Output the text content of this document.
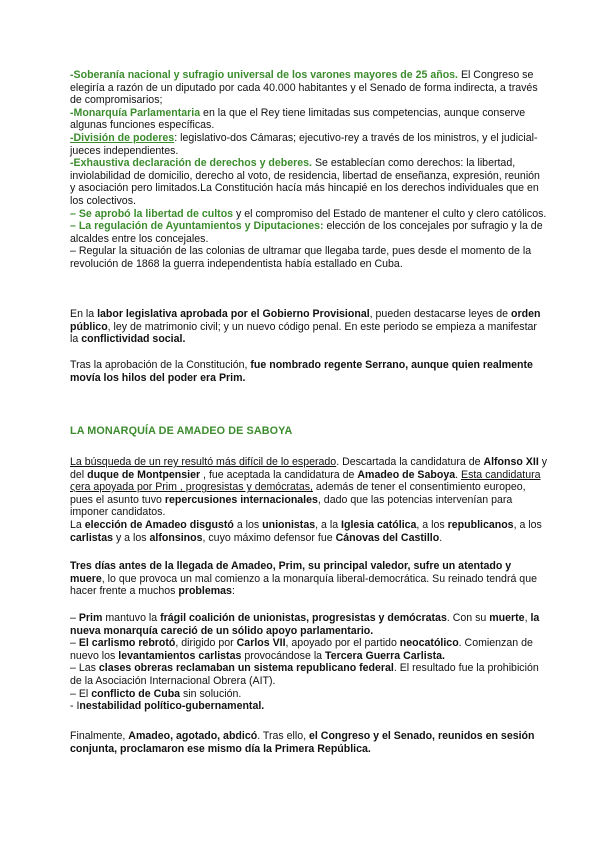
-Soberanía nacional y sufragio universal de los varones mayores de 25 años. El Congreso se elegiría a razón de un diputado por cada 40.000 habitantes y el Senado de forma indirecta, a través de compromisarios;

-Monarquía Parlamentaria en la que el Rey tiene limitadas sus competencias, aunque conserve algunas funciones específicas.

-División de poderes: legislativo-dos Cámaras; ejecutivo-rey a través de los ministros, y el judicial-jueces independientes.

-Exhaustiva declaración de derechos y deberes. Se establecían como derechos: la libertad, inviolabilidad de domicilio, derecho al voto, de residencia, libertad de enseñanza, expresión, reunión y asociación pero limitados.La Constitución hacía más hincapié en los derechos individuales que en los colectivos.

– Se aprobó la libertad de cultos y el compromiso del Estado de mantener el culto y clero católicos.

– La regulación de Ayuntamientos y Diputaciones: elección de los concejales por sufragio y la de alcaldes entre los concejales.

– Regular la situación de las colonias de ultramar que llegaba tarde, pues desde el momento de la revolución de 1868 la guerra independentista había estallado en Cuba.

En la labor legislativa aprobada por el Gobierno Provisional, pueden destacarse leyes de orden público, ley de matrimonio civil; y un nuevo código penal. En este periodo se empieza a manifestar la conflictividad social.

Tras la aprobación de la Constitución, fue nombrado regente Serrano, aunque quien realmente movía los hilos del poder era Prim.

LA MONARQUÍA DE AMADEO DE SABOYA

La búsqueda de un rey resultó más difícil de lo esperado. Descartada la candidatura de Alfonso XII y del duque de Montpensier , fue aceptada la candidatura de Amadeo de Saboya. Esta candidatura ςera apoyada por Prim , progresistas y demócratas, además de tener el consentimiento europeo, pues el asunto tuvo repercusiones internacionales, dado que las potencias intervenían para imponer candidatos.

La elección de Amadeo disgustó a los unionistas, a la Iglesia católica, a los republicanos, a los carlistas y a los alfonsinos, cuyo máximo defensor fue Cánovas del Castillo.

Tres días antes de la llegada de Amadeo, Prim, su principal valedor, sufre un atentado y muere, lo que provoca un mal comienzo a la monarquía liberal-democrática. Su reinado tendrá que hacer frente a muchos problemas:

– Prim mantuvo la frágil coalición de unionistas, progresistas y demócratas. Con su muerte, la nueva monarquía careció de un sólido apoyo parlamentario.

– El carlismo rebrotó, dirigido por Carlos VII, apoyado por el partido neocatólico. Comienzan de nuevo los levantamientos carlistas provocándose la Tercera Guerra Carlista.

– Las clases obreras reclamaban un sistema republicano federal. El resultado fue la prohibición de la Asociación Internacional Obrera (AIT).

– El conflicto de Cuba sin solución.

- Inestabilidad político-gubernamental.

Finalmente, Amadeo, agotado, abdicó. Tras ello, el Congreso y el Senado, reunidos en sesión conjunta, proclamaron ese mismo día la Primera República.
